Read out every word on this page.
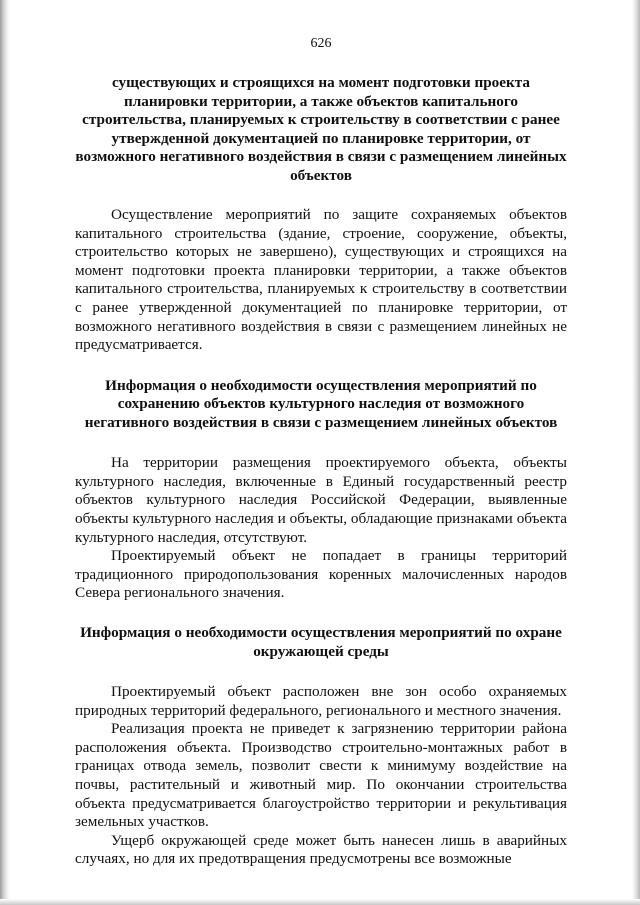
626
существующих и строящихся на момент подготовки проекта планировки территории, а также объектов капитального строительства, планируемых к строительству в соответствии с ранее утвержденной документацией по планировке территории, от возможного негативного воздействия в связи с размещением линейных объектов

Осуществление мероприятий по защите сохраняемых объектов капитального строительства (здание, строение, сооружение, объекты, строительство которых не завершено), существующих и строящихся на момент подготовки проекта планировки территории, а также объектов капитального строительства, планируемых к строительству в соответствии с ранее утвержденной документацией по планировке территории, от возможного негативного воздействия в связи с размещением линейных не предусматривается.

Информация о необходимости осуществления мероприятий по сохранению объектов культурного наследия от возможного негативного воздействия в связи с размещением линейных объектов

На территории размещения проектируемого объекта, объекты культурного наследия, включенные в Единый государственный реестр объектов культурного наследия Российской Федерации, выявленные объекты культурного наследия и объекты, обладающие признаками объекта культурного наследия, отсутствуют.

Проектируемый объект не попадает в границы территорий традиционного природопользования коренных малочисленных народов Севера регионального значения.

Информация о необходимости осуществления мероприятий по охране окружающей среды

Проектируемый объект расположен вне зон особо охраняемых природных территорий федерального, регионального и местного значения.

Реализация проекта не приведет к загрязнению территории района расположения объекта. Производство строительно-монтажных работ в границах отвода земель, позволит свести к минимуму воздействие на почвы, растительный и животный мир. По окончании строительства объекта предусматривается благоустройство территории и рекультивация земельных участков.

Ущерб окружающей среде может быть нанесен лишь в аварийных случаях, но для их предотвращения предусмотрены все возможные
